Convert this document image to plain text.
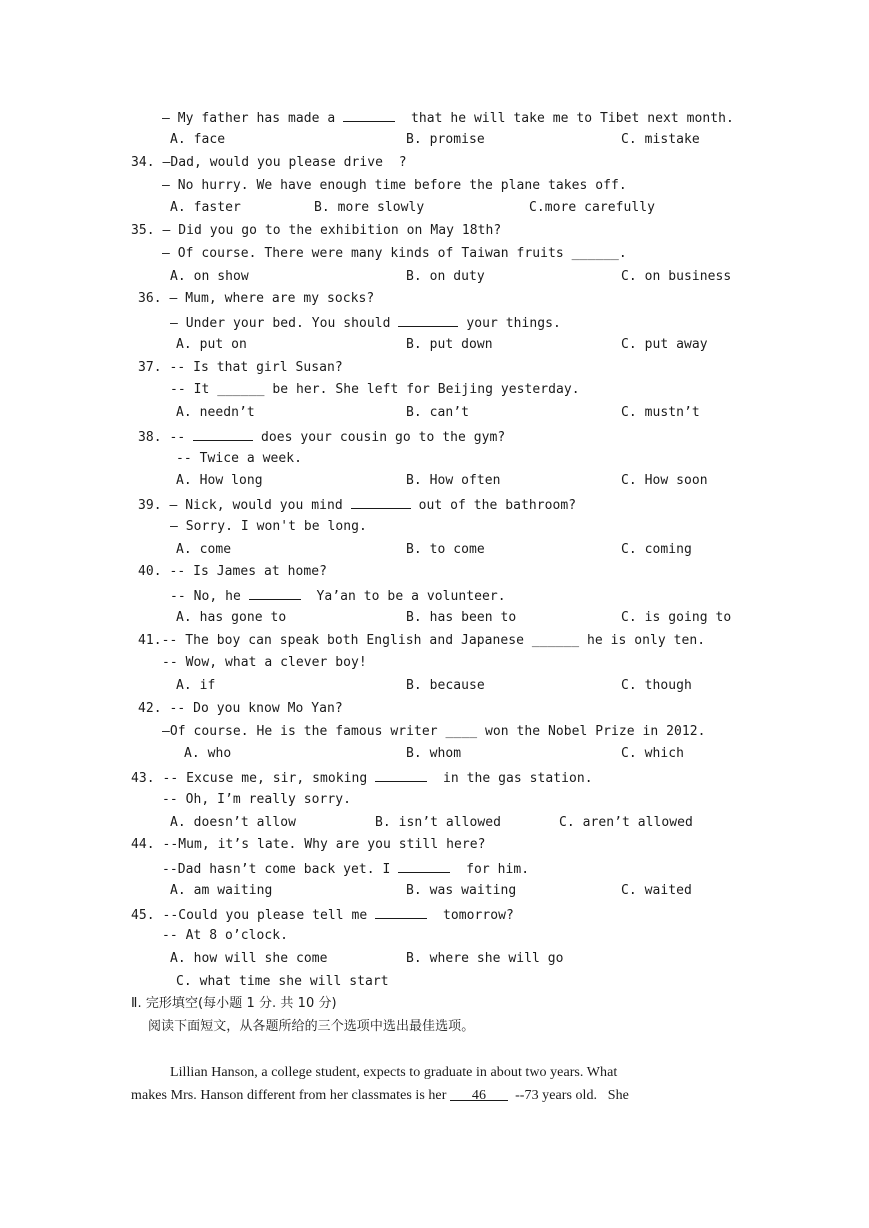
— My father has made a	that he will take me to Tibet next month.
A. face	B. promise	C. mistake
34. —Dad, would you please drive  ?
— No hurry. We have enough time before the plane takes off.
A. faster	B. more slowly	C.more carefully
35. — Did you go to the exhibition on May 18th?
— Of course. There were many kinds of Taiwan fruits ______.
A. on show	B. on duty	C. on business
36. — Mum, where are my socks?
— Under your bed. You should	your things.
A. put on	B. put down	C. put away
37. -- Is that girl Susan?
-- It ______ be her. She left for Beijing yesterday.
A. needn’t	B. can’t	C. mustn’t
38. --	does your cousin go to the gym?
-- Twice a week.
A. How long	B. How often	C. How soon
39. — Nick, would you mind	out of the bathroom?
— Sorry. I won't be long.
A. come	B. to come	C. coming
40. -- Is James at home?
-- No, he	Ya’an to be a volunteer.
A. has gone to	B. has been to	C. is going to
41.-- The boy can speak both English and Japanese ______ he is only ten.
-- Wow, what a clever boy!
A. if	B. because	C. though
42. -- Do you know Mo Yan?
—Of course. He is the famous writer ____ won the Nobel Prize in 2012.
A. who	B. whom	C. which
43. -- Excuse me, sir, smoking	in the gas station.
-- Oh, I’m really sorry.
A. doesn’t allow	B. isn’t allowed	C. aren’t allowed
44. --Mum, it’s late. Why are you still here?
--Dad hasn’t come back yet. I	for him.
A. am waiting	B. was waiting	C. waited
45. --Could you please tell me	tomorrow?
-- At 8 o’clock.
A. how will she come	B. where she will go
C. what time she will start
Ⅱ. 完形填空(每小题 1 分. 共 10 分)
阅读下面短文，从各题所给的三个选项中选出最佳选项。
Lillian Hanson, a college student, expects to graduate in about two years. What
makes Mrs. Hanson different from her classmates is her 46 --73 years old. She
